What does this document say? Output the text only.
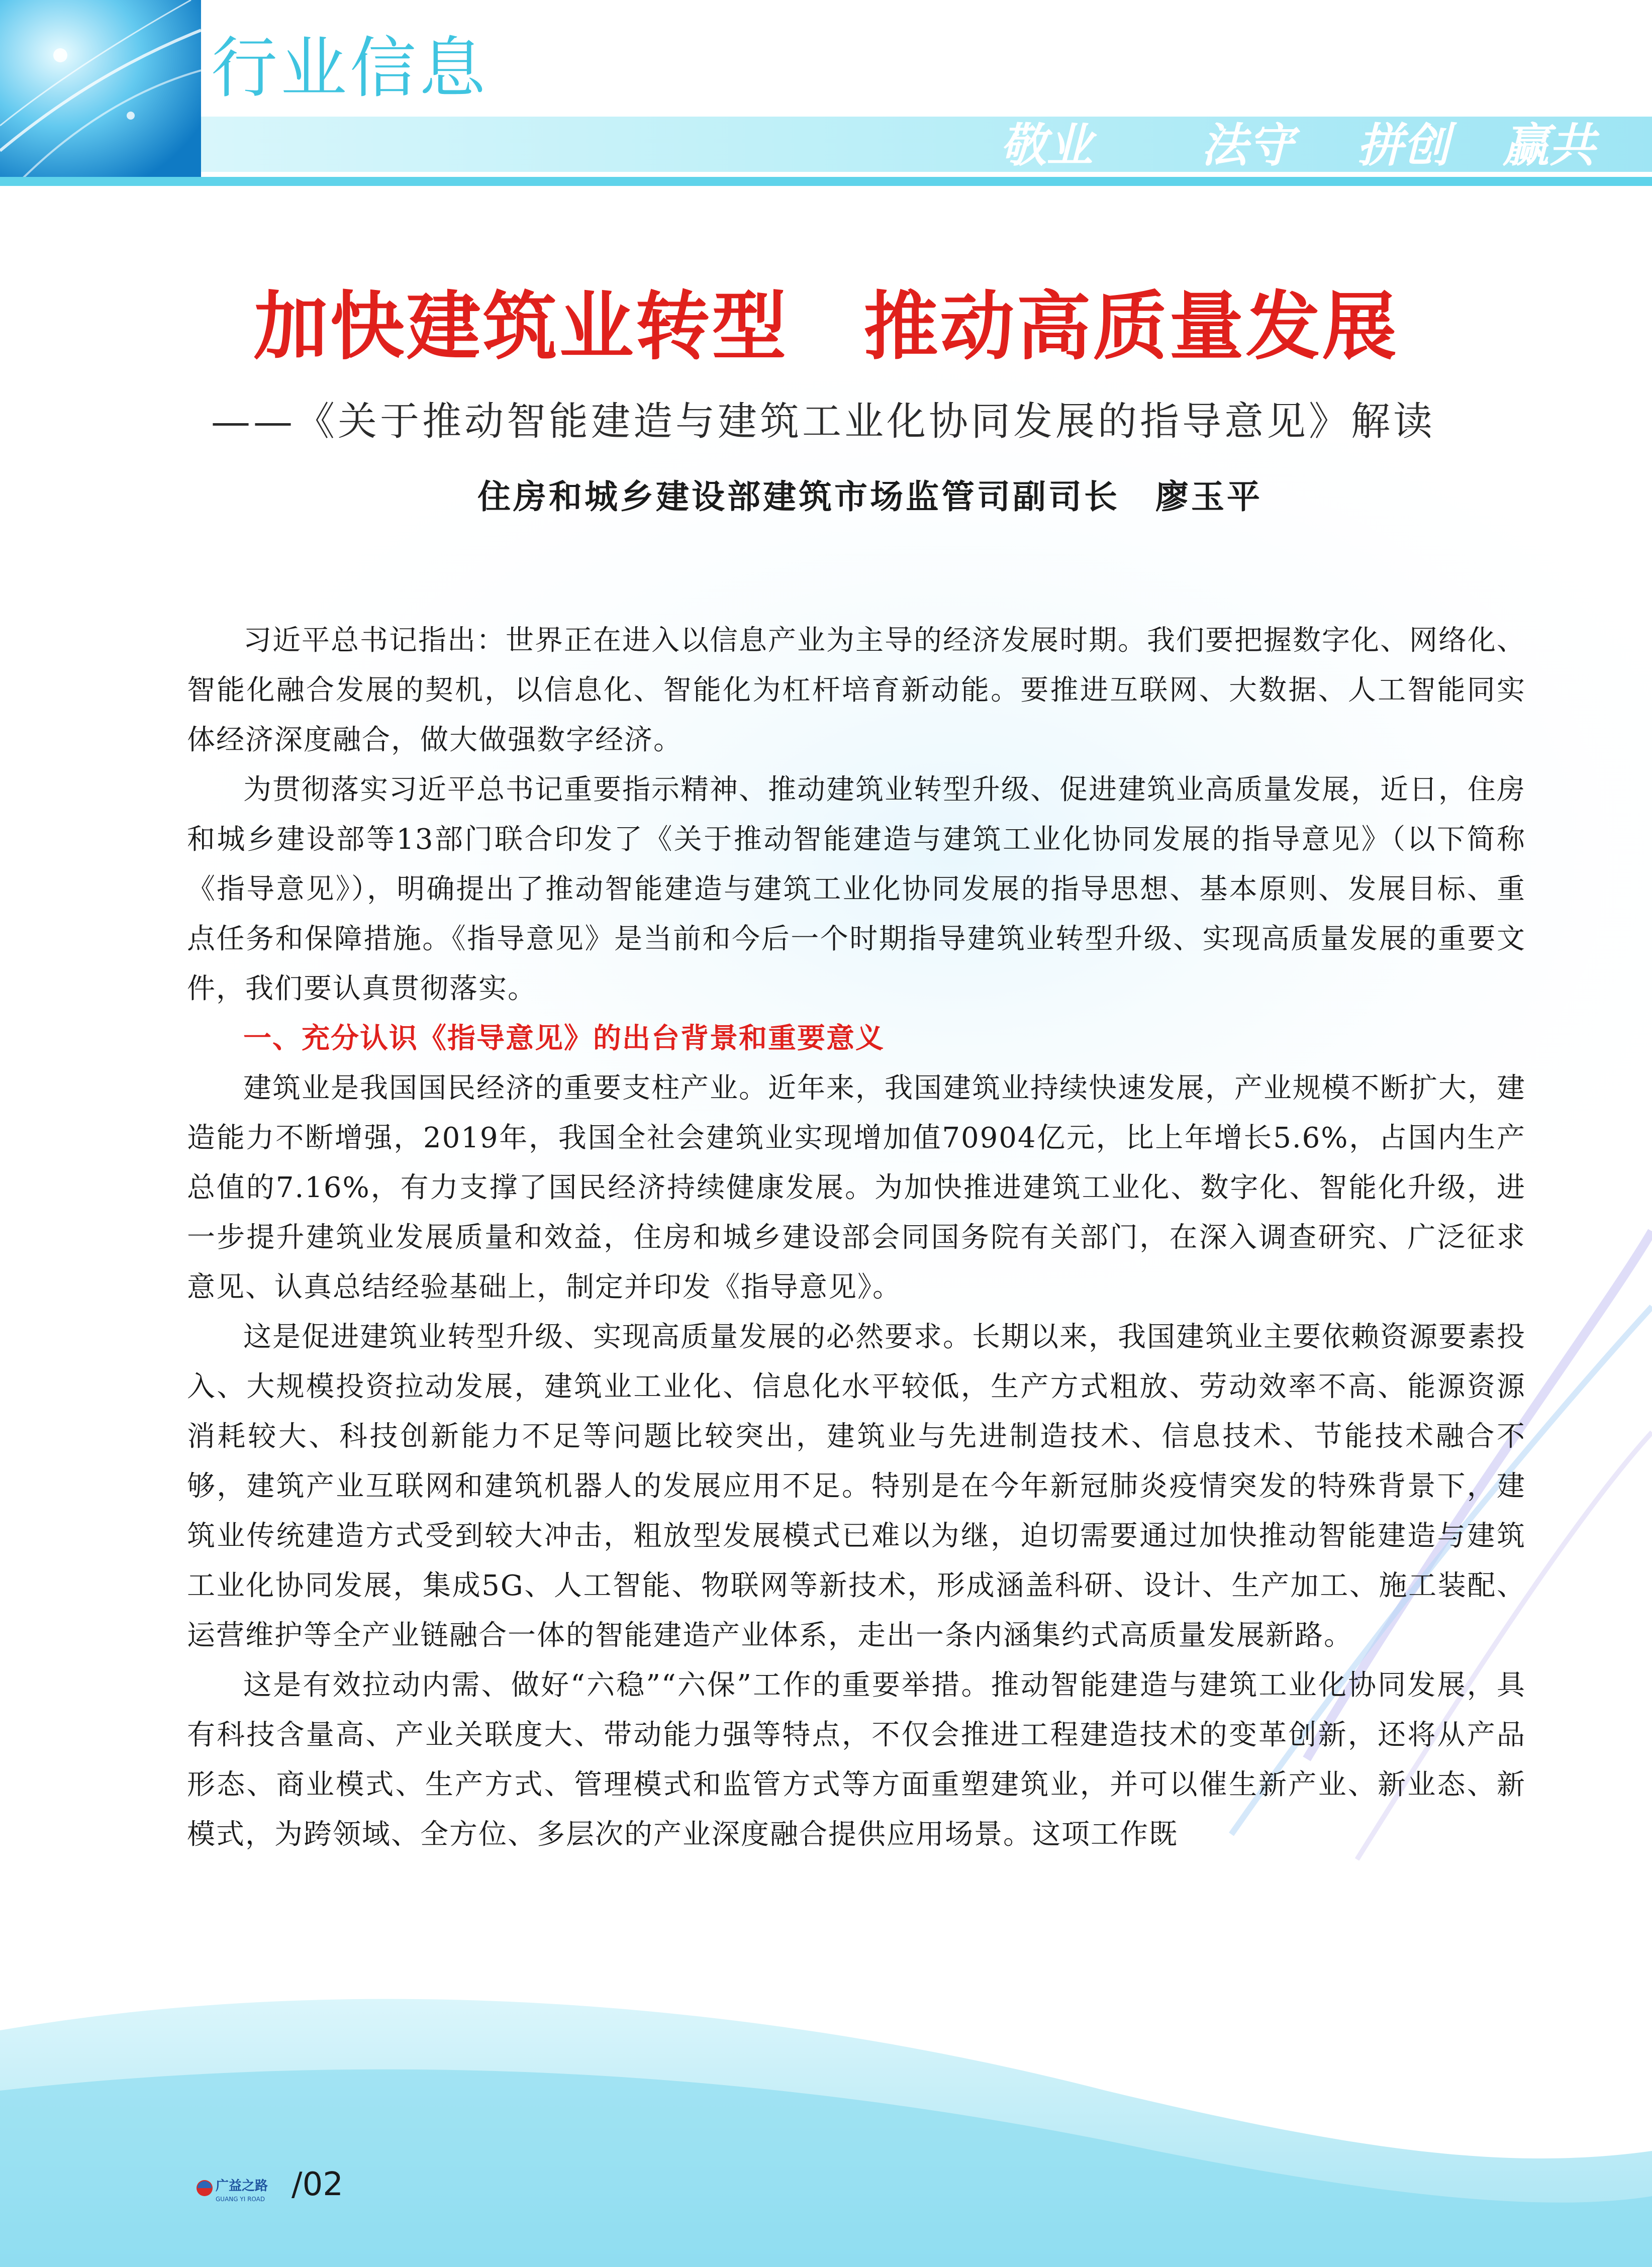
行业信息
敬业 法守 拼创 赢共
加快建筑业转型 推动高质量发展
——《关于推动智能建造与建筑工业化协同发展的指导意见》解读
住房和城乡建设部建筑市场监管司副司长　廖玉平

习近平总书记指出：世界正在进入以信息产业为主导的经济发展时期。我们要把握数字化、网络化、智能化融合发展的契机，以信息化、智能化为杠杆培育新动能。要推进互联网、大数据、人工智能同实体经济深度融合，做大做强数字经济。

为贯彻落实习近平总书记重要指示精神、推动建筑业转型升级、促进建筑业高质量发展，近日，住房和城乡建设部等13部门联合印发了《关于推动智能建造与建筑工业化协同发展的指导意见》（以下简称《指导意见》），明确提出了推动智能建造与建筑工业化协同发展的指导思想、基本原则、发展目标、重点任务和保障措施。《指导意见》是当前和今后一个时期指导建筑业转型升级、实现高质量发展的重要文件，我们要认真贯彻落实。

一、充分认识《指导意见》的出台背景和重要意义

建筑业是我国国民经济的重要支柱产业。近年来，我国建筑业持续快速发展，产业规模不断扩大，建造能力不断增强，2019年，我国全社会建筑业实现增加值70904亿元，比上年增长5.6%，占国内生产总值的7.16%，有力支撑了国民经济持续健康发展。为加快推进建筑工业化、数字化、智能化升级，进一步提升建筑业发展质量和效益，住房和城乡建设部会同国务院有关部门，在深入调查研究、广泛征求意见、认真总结经验基础上，制定并印发《指导意见》。

这是促进建筑业转型升级、实现高质量发展的必然要求。长期以来，我国建筑业主要依赖资源要素投入、大规模投资拉动发展，建筑业工业化、信息化水平较低，生产方式粗放、劳动效率不高、能源资源消耗较大、科技创新能力不足等问题比较突出，建筑业与先进制造技术、信息技术、节能技术融合不够，建筑产业互联网和建筑机器人的发展应用不足。特别是在今年新冠肺炎疫情突发的特殊背景下，建筑业传统建造方式受到较大冲击，粗放型发展模式已难以为继，迫切需要通过加快推动智能建造与建筑工业化协同发展，集成5G、人工智能、物联网等新技术，形成涵盖科研、设计、生产加工、施工装配、运营维护等全产业链融合一体的智能建造产业体系，走出一条内涵集约式高质量发展新路。

这是有效拉动内需、做好“六稳”“六保”工作的重要举措。推动智能建造与建筑工业化协同发展，具有科技含量高、产业关联度大、带动能力强等特点，不仅会推进工程建造技术的变革创新，还将从产品形态、商业模式、生产方式、管理模式和监管方式等方面重塑建筑业，并可以催生新产业、新业态、新模式，为跨领域、全方位、多层次的产业深度融合提供应用场景。这项工作既

广益之路
GUANG YI ROAD /02
